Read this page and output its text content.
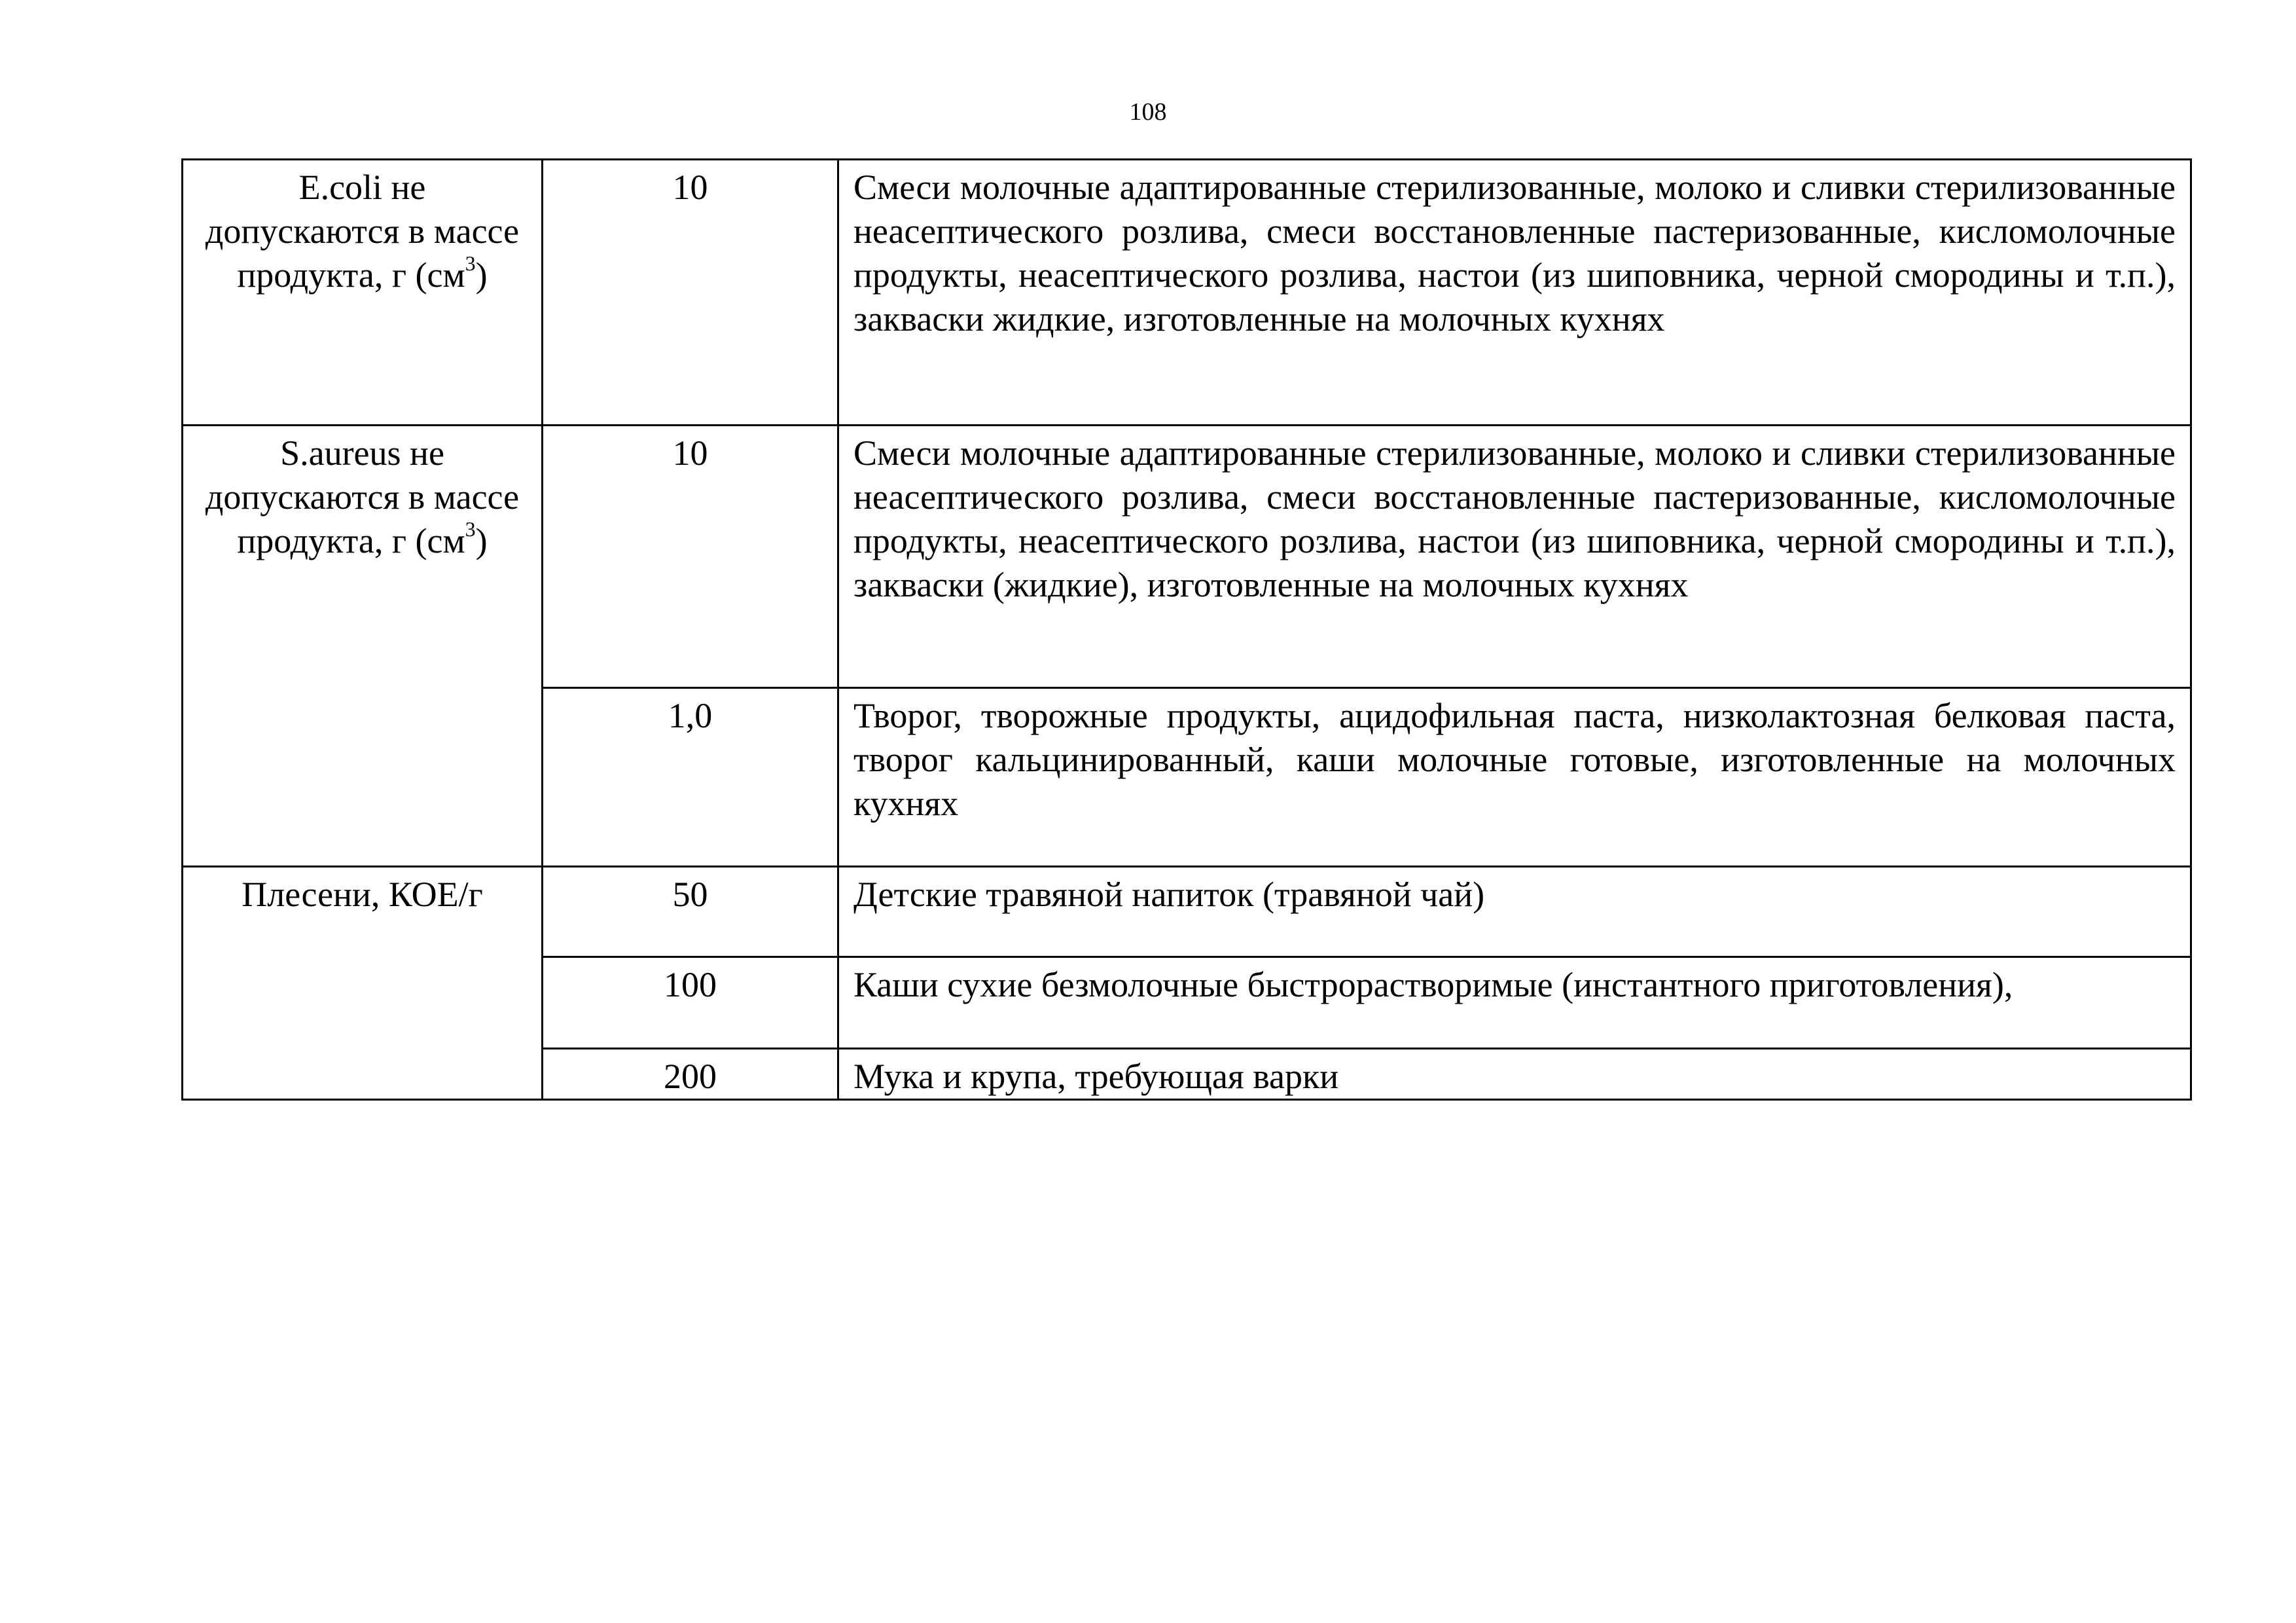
108
E.coli не допускаются в массе продукта, г $(см^3)$	10	Смеси молочные адаптированные стерилизованные, молоко и сливки стерилизованные неасептического розлива, смеси восстановленные пастеризованные, кисломолочные продукты, неасептического розлива, настои (из шиповника, черной смородины и т.п.), закваски жидкие, изготовленные на молочных кухнях
S.aureus не допускаются в массе продукта, г $(см^3)$	10	Смеси молочные адаптированные стерилизованные, молоко и сливки стерилизованные неасептического розлива, смеси восстановленные пастеризованные, кисломолочные продукты, неасептического розлива, настои (из шиповника, черной смородины и т.п.), закваски (жидкие), изготовленные на молочных кухнях
	1,0	Творог, творожные продукты, ацидофильная паста, низколактозная белковая паста, творог кальцинированный, каши молочные готовые, изготовленные на молочных кухнях
Плесени, КОЕ/г	50	Детские травяной напиток (травяной чай)
	100	Каши сухие безмолочные быстрорастворимые (инстантного приготовления),
	200	Мука и крупа, требующая варки
